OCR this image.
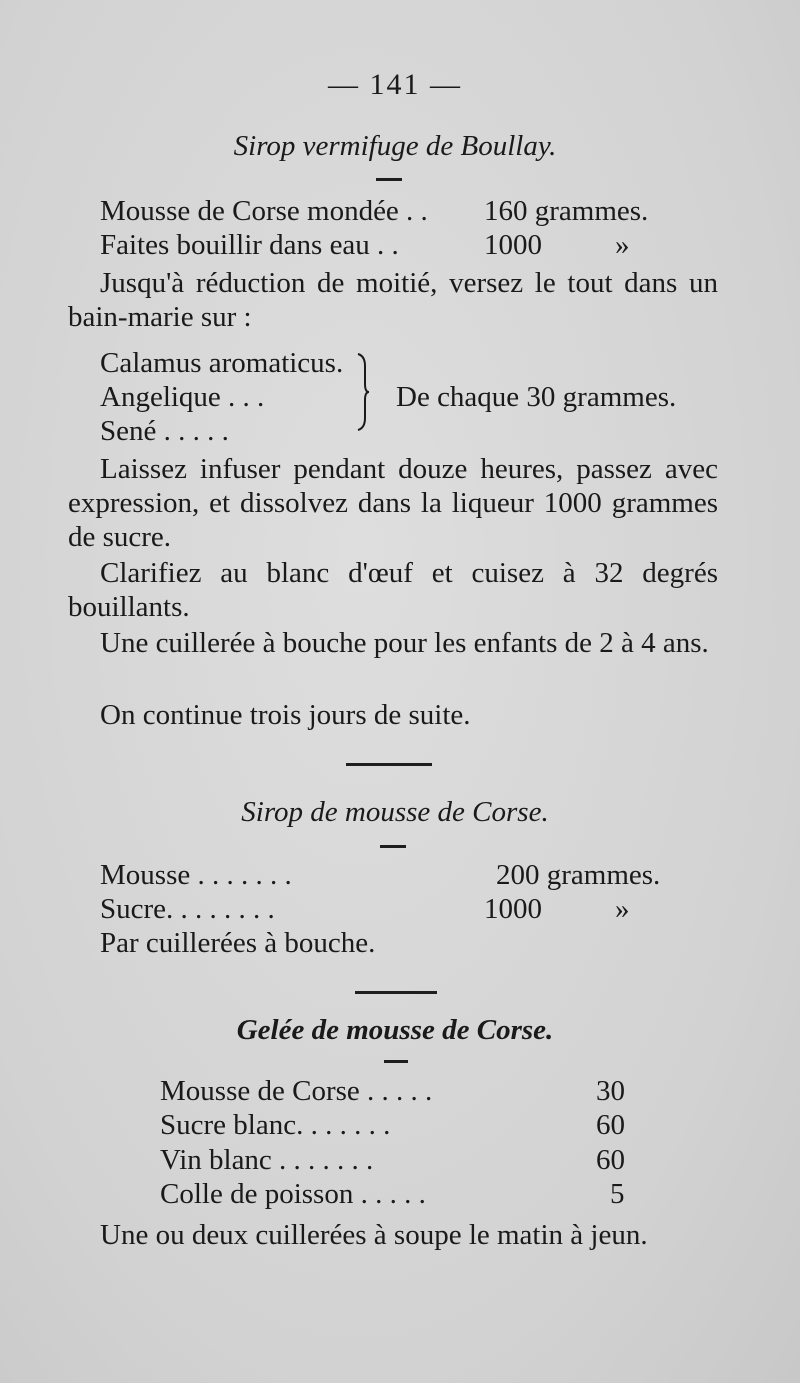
— 141 —
Sirop vermifuge de Boullay.
Mousse de Corse mondée . . 160 grammes.
Faites bouillir dans eau . .	1000	»
Jusqu'à réduction de moitié, versez le tout dans un bain-marie sur :
Calamus aromaticus.
Angelique . . .
Sené . . . . .
De chaque 30 grammes.
Laissez infuser pendant douze heures, passez avec expression, et dissolvez dans la liqueur 1000 grammes de sucre.
Clarifiez au blanc d'œuf et cuisez à 32 degrés bouillants.
Une cuillerée à bouche pour les enfants de 2 à 4 ans.
On continue trois jours de suite.
Sirop de mousse de Corse.
Mousse . . . . . . .	200 grammes.
Sucre. . . . . . . .	1000	»
Par cuillerées à bouche.
Gelée de mousse de Corse.
Mousse de Corse . . . . .	30
Sucre blanc. . . . . . .	60
Vin blanc . . . . . . .	60
Colle de poisson . . . . .	5
Une ou deux cuillerées à soupe le matin à jeun.
